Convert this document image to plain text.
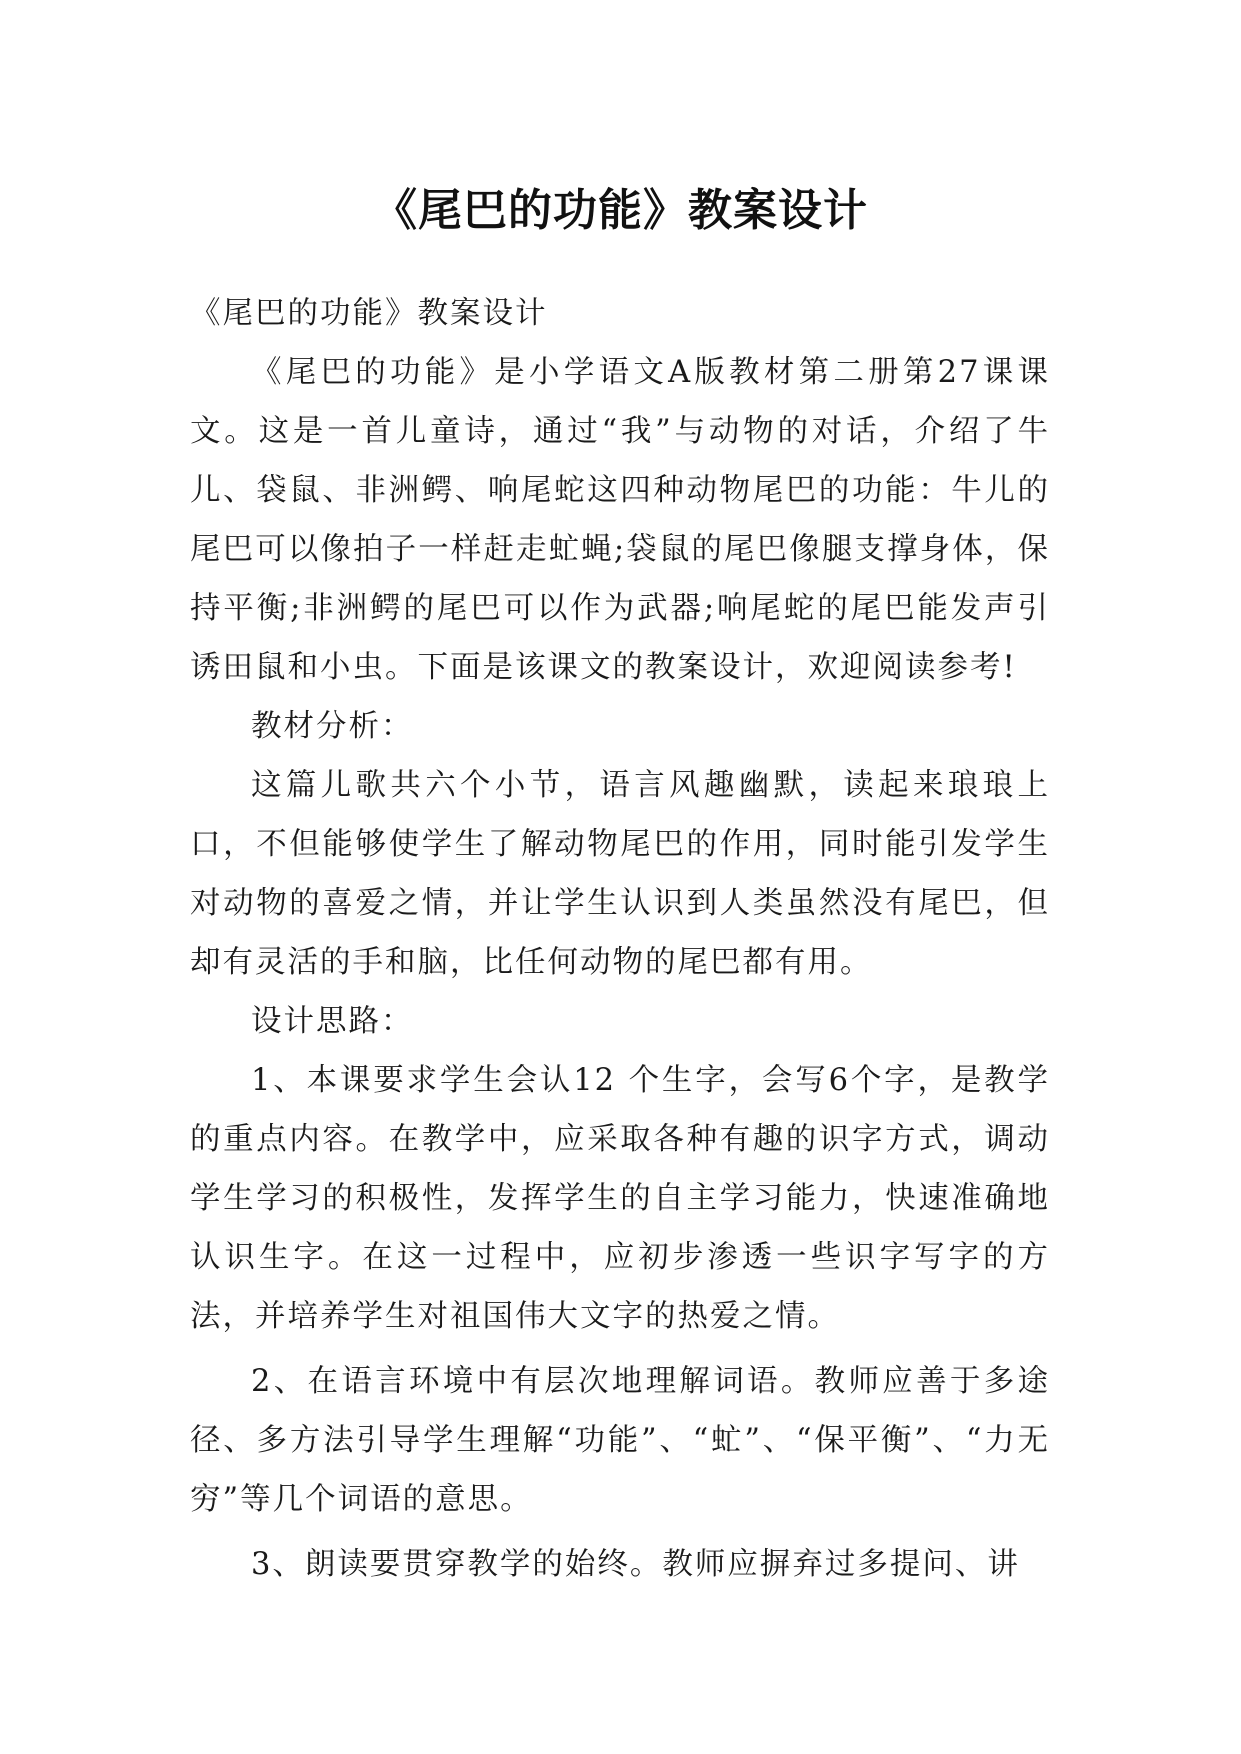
《尾巴的功能》教案设计

《尾巴的功能》教案设计

《尾巴的功能》是小学语文A版教材第二册第27课课文。这是一首儿童诗，通过“我”与动物的对话，介绍了牛儿、袋鼠、非洲鳄、响尾蛇这四种动物尾巴的功能：牛儿的尾巴可以像拍子一样赶走虻蝇;袋鼠的尾巴像腿支撑身体，保持平衡;非洲鳄的尾巴可以作为武器;响尾蛇的尾巴能发声引诱田鼠和小虫。下面是该课文的教案设计，欢迎阅读参考!

教材分析：

这篇儿歌共六个小节，语言风趣幽默，读起来琅琅上口，不但能够使学生了解动物尾巴的作用，同时能引发学生对动物的喜爱之情，并让学生认识到人类虽然没有尾巴，但却有灵活的手和脑，比任何动物的尾巴都有用。

设计思路：

1、本课要求学生会认12 个生字，会写6个字，是教学的重点内容。在教学中，应采取各种有趣的识字方式，调动学生学习的积极性，发挥学生的自主学习能力，快速准确地认识生字。在这一过程中，应初步渗透一些识字写字的方法，并培养学生对祖国伟大文字的热爱之情。

2、在语言环境中有层次地理解词语。教师应善于多途径、多方法引导学生理解“功能”、“虻”、“保平衡”、“力无穷”等几个词语的意思。

3、朗读要贯穿教学的始终。教师应摒弃过多提问、讲
